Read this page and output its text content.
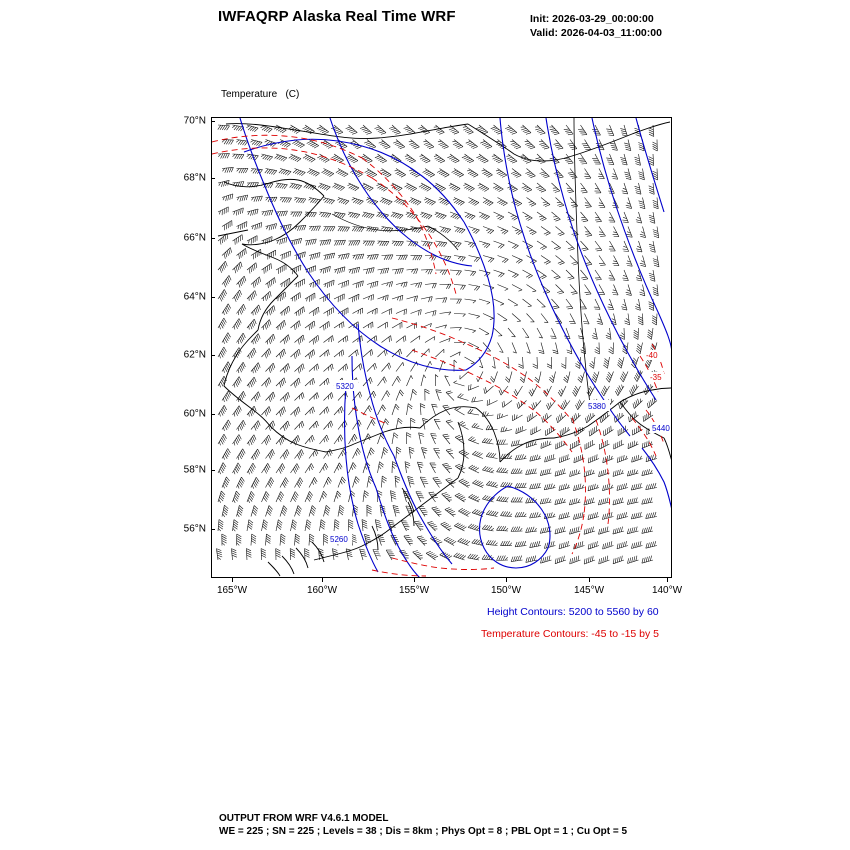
IWFAQRP Alaska Real Time WRF	Init: 2026-03-29_00:00:00
Valid: 2026-04-03_11:00:00

Temperature   (C)

5320
5380
5440
5260
-40
-35
70°N
68°N
66°N
64°N
62°N
60°N
58°N
56°N
165°W	160°W	155°W	150°W	145°W	140°W
Height Contours: 5200 to 5560 by 60
Temperature Contours: -45 to -15 by 5
OUTPUT FROM WRF V4.6.1 MODEL
WE = 225 ; SN = 225 ; Levels = 38 ; Dis = 8km ; Phys Opt = 8 ; PBL Opt = 1 ; Cu Opt = 5
